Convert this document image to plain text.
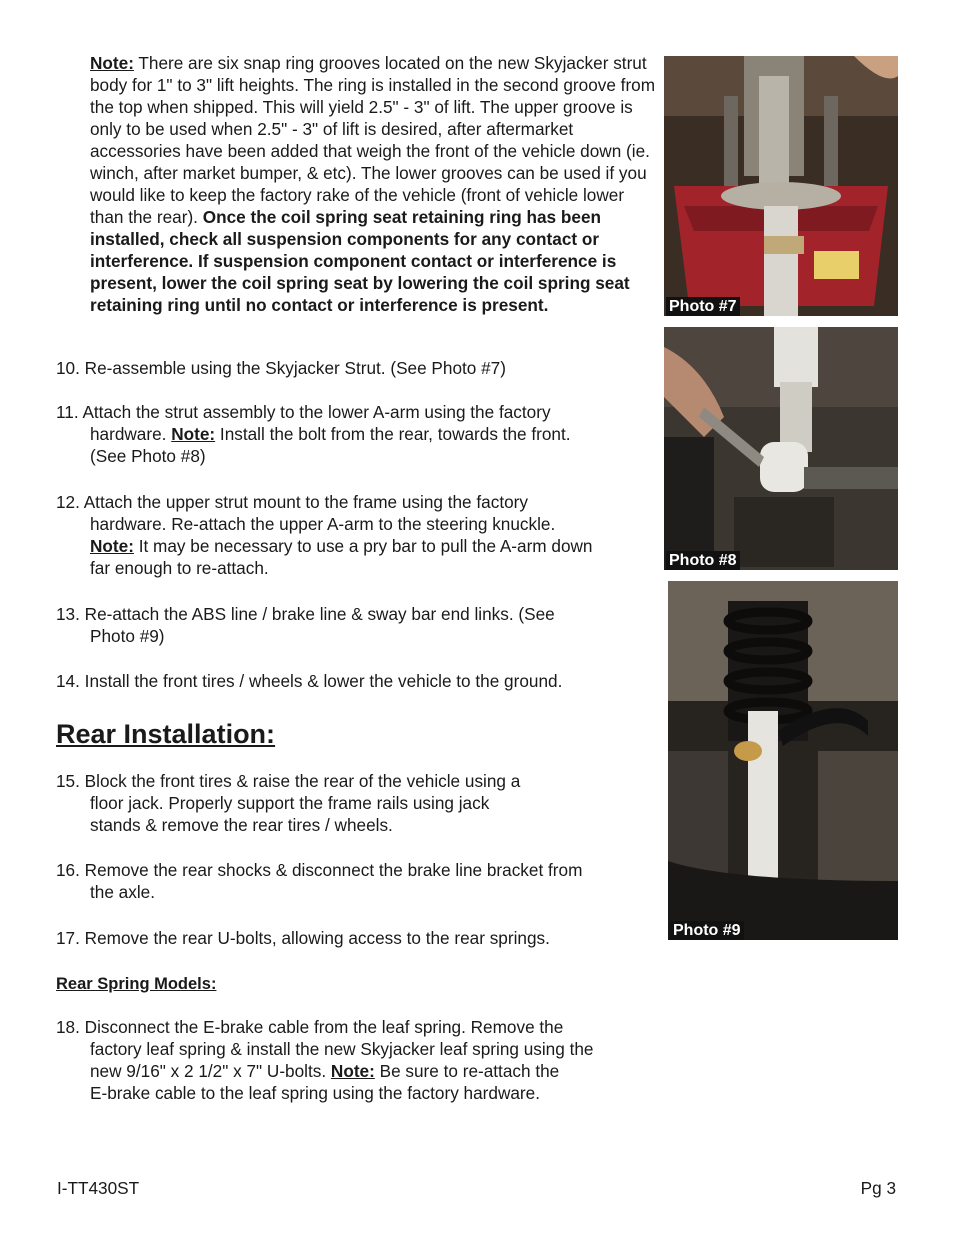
Note: There are six snap ring grooves located on the new Skyjacker strut body for 1" to 3" lift heights. The ring is installed in the second groove from the top when shipped. This will yield 2.5" - 3" of lift. The upper groove is only to be used when 2.5" - 3" of lift is desired, after aftermarket accessories have been added that weigh the front of the vehicle down (ie. winch, after market bumper, & etc). The lower grooves can be used if you would like to keep the factory rake of the vehicle (front of vehicle lower than the rear). Once the coil spring seat retaining ring has been installed, check all suspension components for any contact or interference. If suspension component contact or interference is present, lower the coil spring seat by lowering the coil spring seat retaining ring until no contact or interference is present.
10. Re-assemble using the Skyjacker Strut. (See Photo #7)
11. Attach the strut assembly to the lower A-arm using the factory
hardware. Note: Install the bolt from the rear, towards the front.
(See Photo #8)
12. Attach the upper strut mount to the frame using the factory
hardware. Re-attach the upper A-arm to the steering knuckle.
Note: It may be necessary to use a pry bar to pull the A-arm down
far enough to re-attach.
13. Re-attach the ABS line / brake line & sway bar end links. (See
Photo #9)
14. Install the front tires / wheels & lower the vehicle to the ground.
Rear Installation:
15. Block the front tires & raise the rear of the vehicle using a
floor jack. Properly support the frame rails using jack
stands & remove the rear tires / wheels.
16. Remove the rear shocks & disconnect the brake line bracket from
the axle.
17. Remove the rear U-bolts, allowing access to the rear springs.
Rear Spring Models:
18. Disconnect the E-brake cable from the leaf spring. Remove the
factory leaf spring & install the new Skyjacker leaf spring using the
new 9/16" x 2 1/2" x 7" U-bolts. Note: Be sure to re-attach the
E-brake cable to the leaf spring using the factory hardware.
Photo #7
Photo #8
Photo #9
I-TT430ST	Pg 3
